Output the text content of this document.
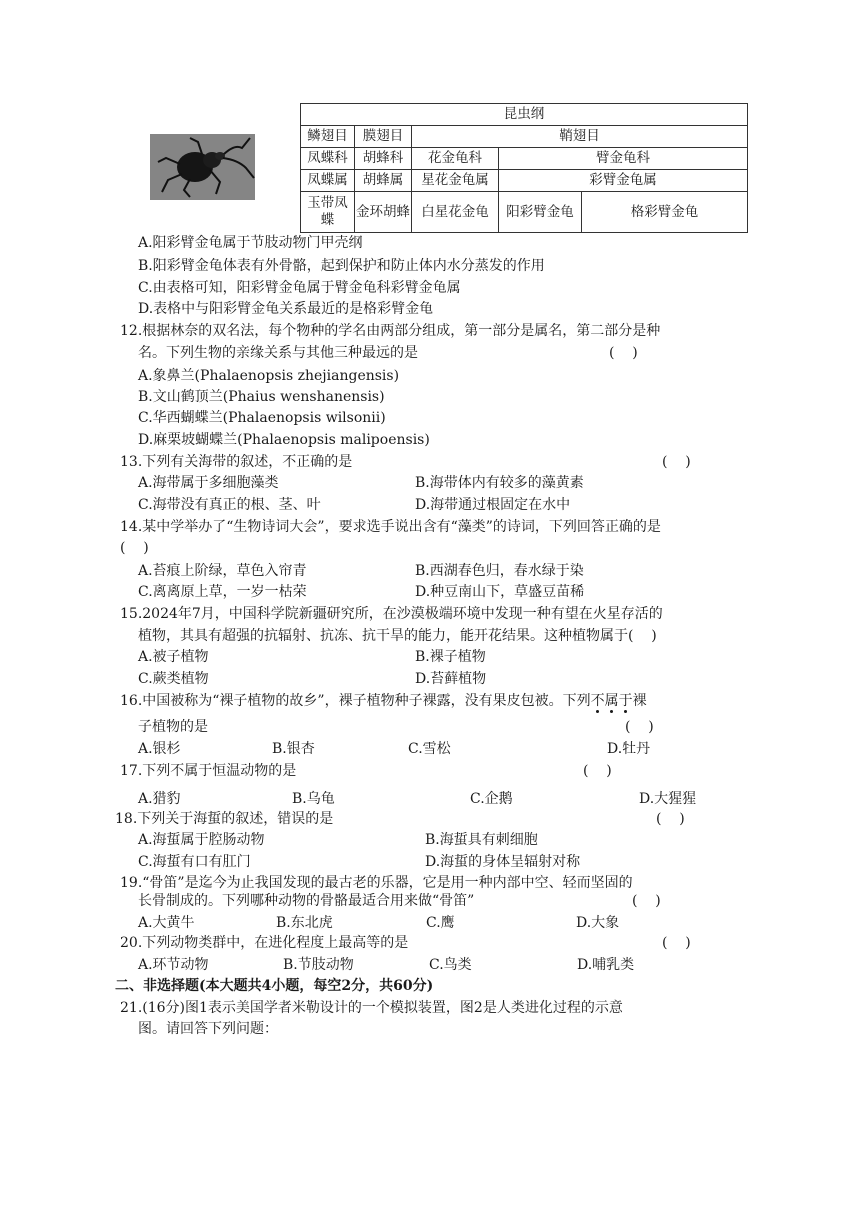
昆虫纲				
鳞翅目	膜翅目	鞘翅目		
凤蝶科	胡蜂科	花金龟科	臂金龟科	
凤蝶属	胡蜂属	星花金龟属	彩臂金龟属	
玉带凤蝶	金环胡蜂	白星花金龟	阳彩臂金龟	格彩臂金龟
A.阳彩臂金龟属于节肢动物门甲壳纲
B.阳彩臂金龟体表有外骨骼，起到保护和防止体内水分蒸发的作用
C.由表格可知，阳彩臂金龟属于臂金龟科彩臂金龟属
D.表格中与阳彩臂金龟关系最近的是格彩臂金龟
12.根据林奈的双名法，每个物种的学名由两部分组成，第一部分是属名，第二部分是种
名。下列生物的亲缘关系与其他三种最远的是	(    )
A.象鼻兰(Phalaenopsis zhejiangensis)
B.文山鹤顶兰(Phaius wenshanensis)
C.华西蝴蝶兰(Phalaenopsis wilsonii)
D.麻栗坡蝴蝶兰(Phalaenopsis malipoensis)
13.下列有关海带的叙述，不正确的是	(    )
A.海带属于多细胞藻类	B.海带体内有较多的藻黄素
C.海带没有真正的根、茎、叶	D.海带通过根固定在水中
14.某中学举办了“生物诗词大会”，要求选手说出含有“藻类”的诗词，下列回答正确的是
(    )
A.苔痕上阶绿，草色入帘青	B.西湖春色归，春水绿于染
C.离离原上草，一岁一枯荣	D.种豆南山下，草盛豆苗稀
15.2024年7月，中国科学院新疆研究所，在沙漠极端环境中发现一种有望在火星存活的
植物，其具有超强的抗辐射、抗冻、抗干旱的能力，能开花结果。这种植物属于(    )
A.被子植物	B.裸子植物
C.蕨类植物	D.苔藓植物
16.中国被称为“裸子植物的故乡”，裸子植物种子裸露，没有果皮包被。下列不属于裸
子植物的是	(    )
A.银杉	B.银杏	C.雪松	D.牡丹
17.下列不属于恒温动物的是	(    )
A.猎豹	B.乌龟	C.企鹅	D.大猩猩
18.下列关于海蜇的叙述，错误的是	(    )
A.海蜇属于腔肠动物	B.海蜇具有刺细胞
C.海蜇有口有肛门	D.海蜇的身体呈辐射对称
19.“骨笛”是迄今为止我国发现的最古老的乐器，它是用一种内部中空、轻而坚固的
长骨制成的。下列哪种动物的骨骼最适合用来做“骨笛”	(    )
A.大黄牛	B.东北虎	C.鹰	D.大象
20.下列动物类群中，在进化程度上最高等的是	(    )
A.环节动物	B.节肢动物	C.鸟类	D.哺乳类
二、非选择题(本大题共4小题，每空2分，共60分)
21.(16分)图1表示美国学者米勒设计的一个模拟装置，图2是人类进化过程的示意
图。请回答下列问题：
